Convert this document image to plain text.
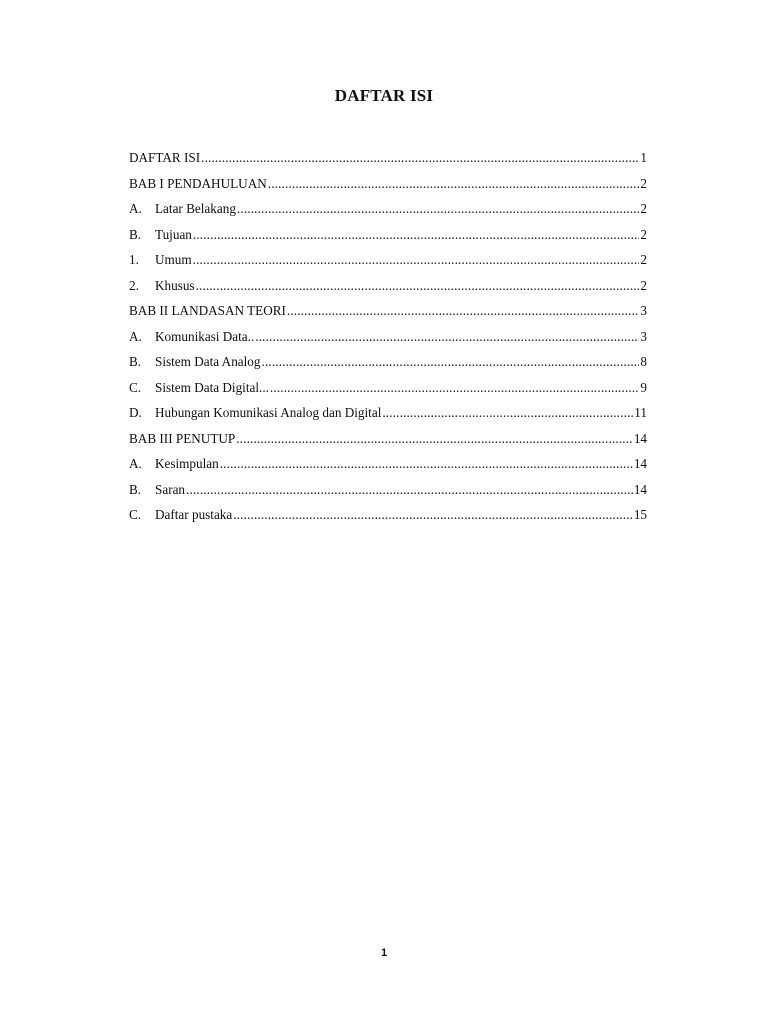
DAFTAR ISI
DAFTAR ISI .....	1
BAB I PENDAHULUAN .....	2
A. Latar Belakang .....	2
B.	Tujuan .....	2
1.	Umum .....	2
2.	Khusus .....	2
BAB II LANDASAN TEORI .....	3
A. Komunikasi Data.. .....	3
B.	Sistem Data Analog .....	8
C.	Sistem Data Digital... .....	9
D. Hubungan Komunikasi Analog dan Digital .....	11
BAB III PENUTUP .....	14
A. Kesimpulan .....	14
B.	Saran .....	14
C.	Daftar pustaka .....	15
1
